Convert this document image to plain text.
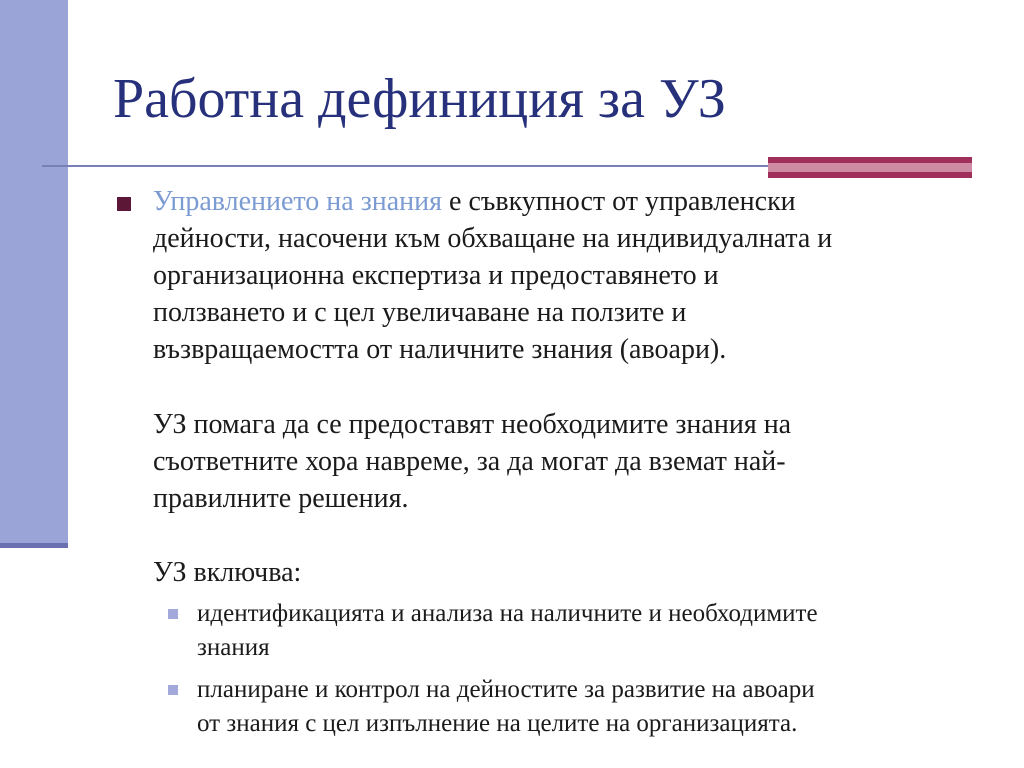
Работна дефиниция за УЗ
Управлението на знания е съвкупност от управленски
дейности, насочени към обхващане на индивидуалната и
организационна експертиза и предоставянето и
ползването и с цел увеличаване на ползите и
възвращаемостта от наличните знания (авоари).
УЗ помага да се предоставят необходимите знания на
съответните хора навреме, за да могат да вземат най-
правилните решения.
УЗ включва:
идентификацията и анализа на наличните и необходимите
знания
планиране и контрол на дейностите за развитие на авоари
от знания с цел изпълнение на целите на организацията.
